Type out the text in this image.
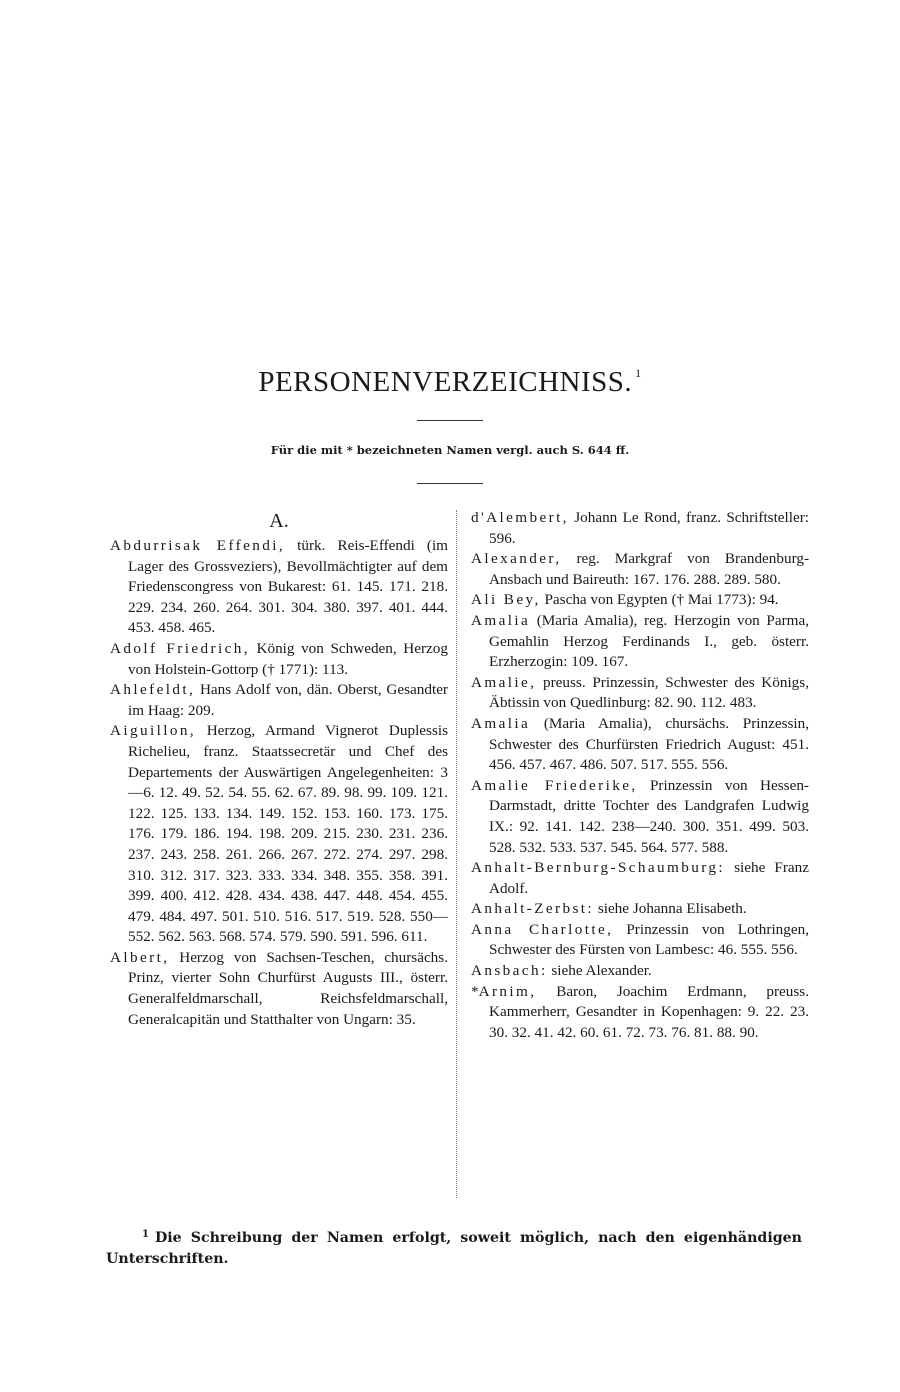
PERSONENVERZEICHNISS. $^1$
Für die mit * bezeichneten Namen vergl. auch S. 644 ff.
A.
Abdurrisak Effendi, türk. Reis-Effendi (im Lager des Grossveziers), Bevollmächtigter auf dem Friedenscongress von Bukarest: 61. 145. 171. 218. 229. 234. 260. 264. 301. 304. 380. 397. 401. 444. 453. 458. 465.
Adolf Friedrich, König von Schweden, Herzog von Holstein-Gottorp († 1771): 113.
Ahlefeldt, Hans Adolf von, dän. Oberst, Gesandter im Haag: 209.
Aiguillon, Herzog, Armand Vignerot Duplessis Richelieu, franz. Staatssecretär und Chef des Departements der Auswärtigen Angelegenheiten: 3—6. 12. 49. 52. 54. 55. 62. 67. 89. 98. 99. 109. 121. 122. 125. 133. 134. 149. 152. 153. 160. 173. 175. 176. 179. 186. 194. 198. 209. 215. 230. 231. 236. 237. 243. 258. 261. 266. 267. 272. 274. 297. 298. 310. 312. 317. 323. 333. 334. 348. 355. 358. 391. 399. 400. 412. 428. 434. 438. 447. 448. 454. 455. 479. 484. 497. 501. 510. 516. 517. 519. 528. 550—552. 562. 563. 568. 574. 579. 590. 591. 596. 611.
Albert, Herzog von Sachsen-Teschen, chursächs. Prinz, vierter Sohn Churfürst Augusts III., österr. Generalfeldmarschall, Reichsfeldmarschall, Generalcapitän und Statthalter von Ungarn: 35.
d'Alembert, Johann Le Rond, franz. Schriftsteller: 596.
Alexander, reg. Markgraf von Brandenburg-Ansbach und Baireuth: 167. 176. 288. 289. 580.
Ali Bey, Pascha von Egypten († Mai 1773): 94.
Amalia (Maria Amalia), reg. Herzogin von Parma, Gemahlin Herzog Ferdinands I., geb. österr. Erzherzogin: 109. 167.
Amalie, preuss. Prinzessin, Schwester des Königs, Äbtissin von Quedlinburg: 82. 90. 112. 483.
Amalia (Maria Amalia), chursächs. Prinzessin, Schwester des Churfürsten Friedrich August: 451. 456. 457. 467. 486. 507. 517. 555. 556.
Amalie Friederike, Prinzessin von Hessen-Darmstadt, dritte Tochter des Landgrafen Ludwig IX.: 92. 141. 142. 238—240. 300. 351. 499. 503. 528. 532. 533. 537. 545. 564. 577. 588.
Anhalt-Bernburg-Schaumburg: siehe Franz Adolf.
Anhalt-Zerbst: siehe Johanna Elisabeth.
Anna Charlotte, Prinzessin von Lothringen, Schwester des Fürsten von Lambesc: 46. 555. 556.
Ansbach: siehe Alexander.
*Arnim, Baron, Joachim Erdmann, preuss. Kammerherr, Gesandter in Kopenhagen: 9. 22. 23. 30. 32. 41. 42. 60. 61. 72. 73. 76. 81. 88. 90.
$^1$ Die Schreibung der Namen erfolgt, soweit möglich, nach den eigenhändigen Unterschriften.
